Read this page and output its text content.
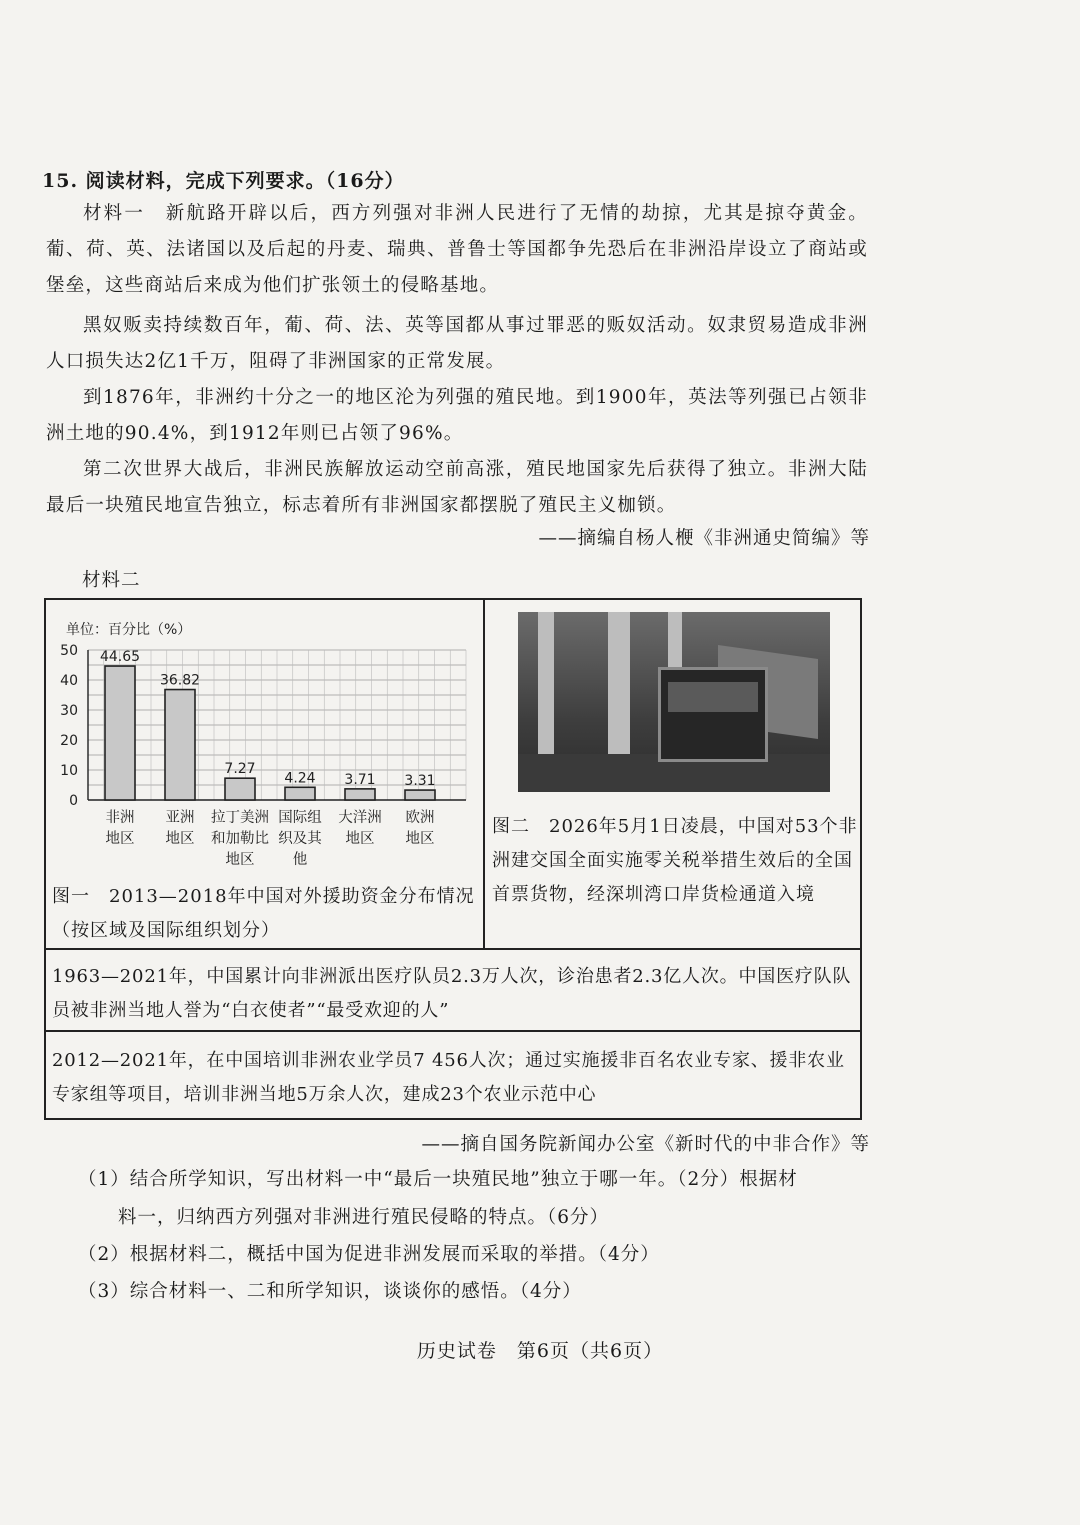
15. 阅读材料，完成下列要求。（16分）
材料一　新航路开辟以后，西方列强对非洲人民进行了无情的劫掠，尤其是掠夺黄金。葡、荷、英、法诸国以及后起的丹麦、瑞典、普鲁士等国都争先恐后在非洲沿岸设立了商站或堡垒，这些商站后来成为他们扩张领土的侵略基地。
黑奴贩卖持续数百年，葡、荷、法、英等国都从事过罪恶的贩奴活动。奴隶贸易造成非洲人口损失达2亿1千万，阻碍了非洲国家的正常发展。
到1876年，非洲约十分之一的地区沦为列强的殖民地。到1900年，英法等列强已占领非洲土地的90.4%，到1912年则已占领了96%。
第二次世界大战后，非洲民族解放运动空前高涨，殖民地国家先后获得了独立。非洲大陆最后一块殖民地宣告独立，标志着所有非洲国家都摆脱了殖民主义枷锁。
——摘编自杨人楩《非洲通史简编》等
材料二
单位：百分比（%）
0
10
20
30
40
50 44.65
非洲
地区
36.82
亚洲
地区
7.27
拉丁美洲
和加勒比
地区
4.24
国际组
织及其
他
3.71
大洋洲
地区
3.31
欧洲
地区
图一　2013—2018年中国对外援助资金分布情况（按区域及国际组织划分）
图二　2026年5月1日凌晨，中国对53个非洲建交国全面实施零关税举措生效后的全国首票货物，经深圳湾口岸货检通道入境
1963—2021年，中国累计向非洲派出医疗队员2.3万人次，诊治患者2.3亿人次。中国医疗队队员被非洲当地人誉为“白衣使者”“最受欢迎的人”
2012—2021年，在中国培训非洲农业学员7 456人次；通过实施援非百名农业专家、援非农业专家组等项目，培训非洲当地5万余人次，建成23个农业示范中心
——摘自国务院新闻办公室《新时代的中非合作》等
（1）结合所学知识，写出材料一中“最后一块殖民地”独立于哪一年。（2分）根据材
料一，归纳西方列强对非洲进行殖民侵略的特点。（6分）
（2）根据材料二，概括中国为促进非洲发展而采取的举措。（4分）
（3）综合材料一、二和所学知识，谈谈你的感悟。（4分）
历史试卷　第6页（共6页）
